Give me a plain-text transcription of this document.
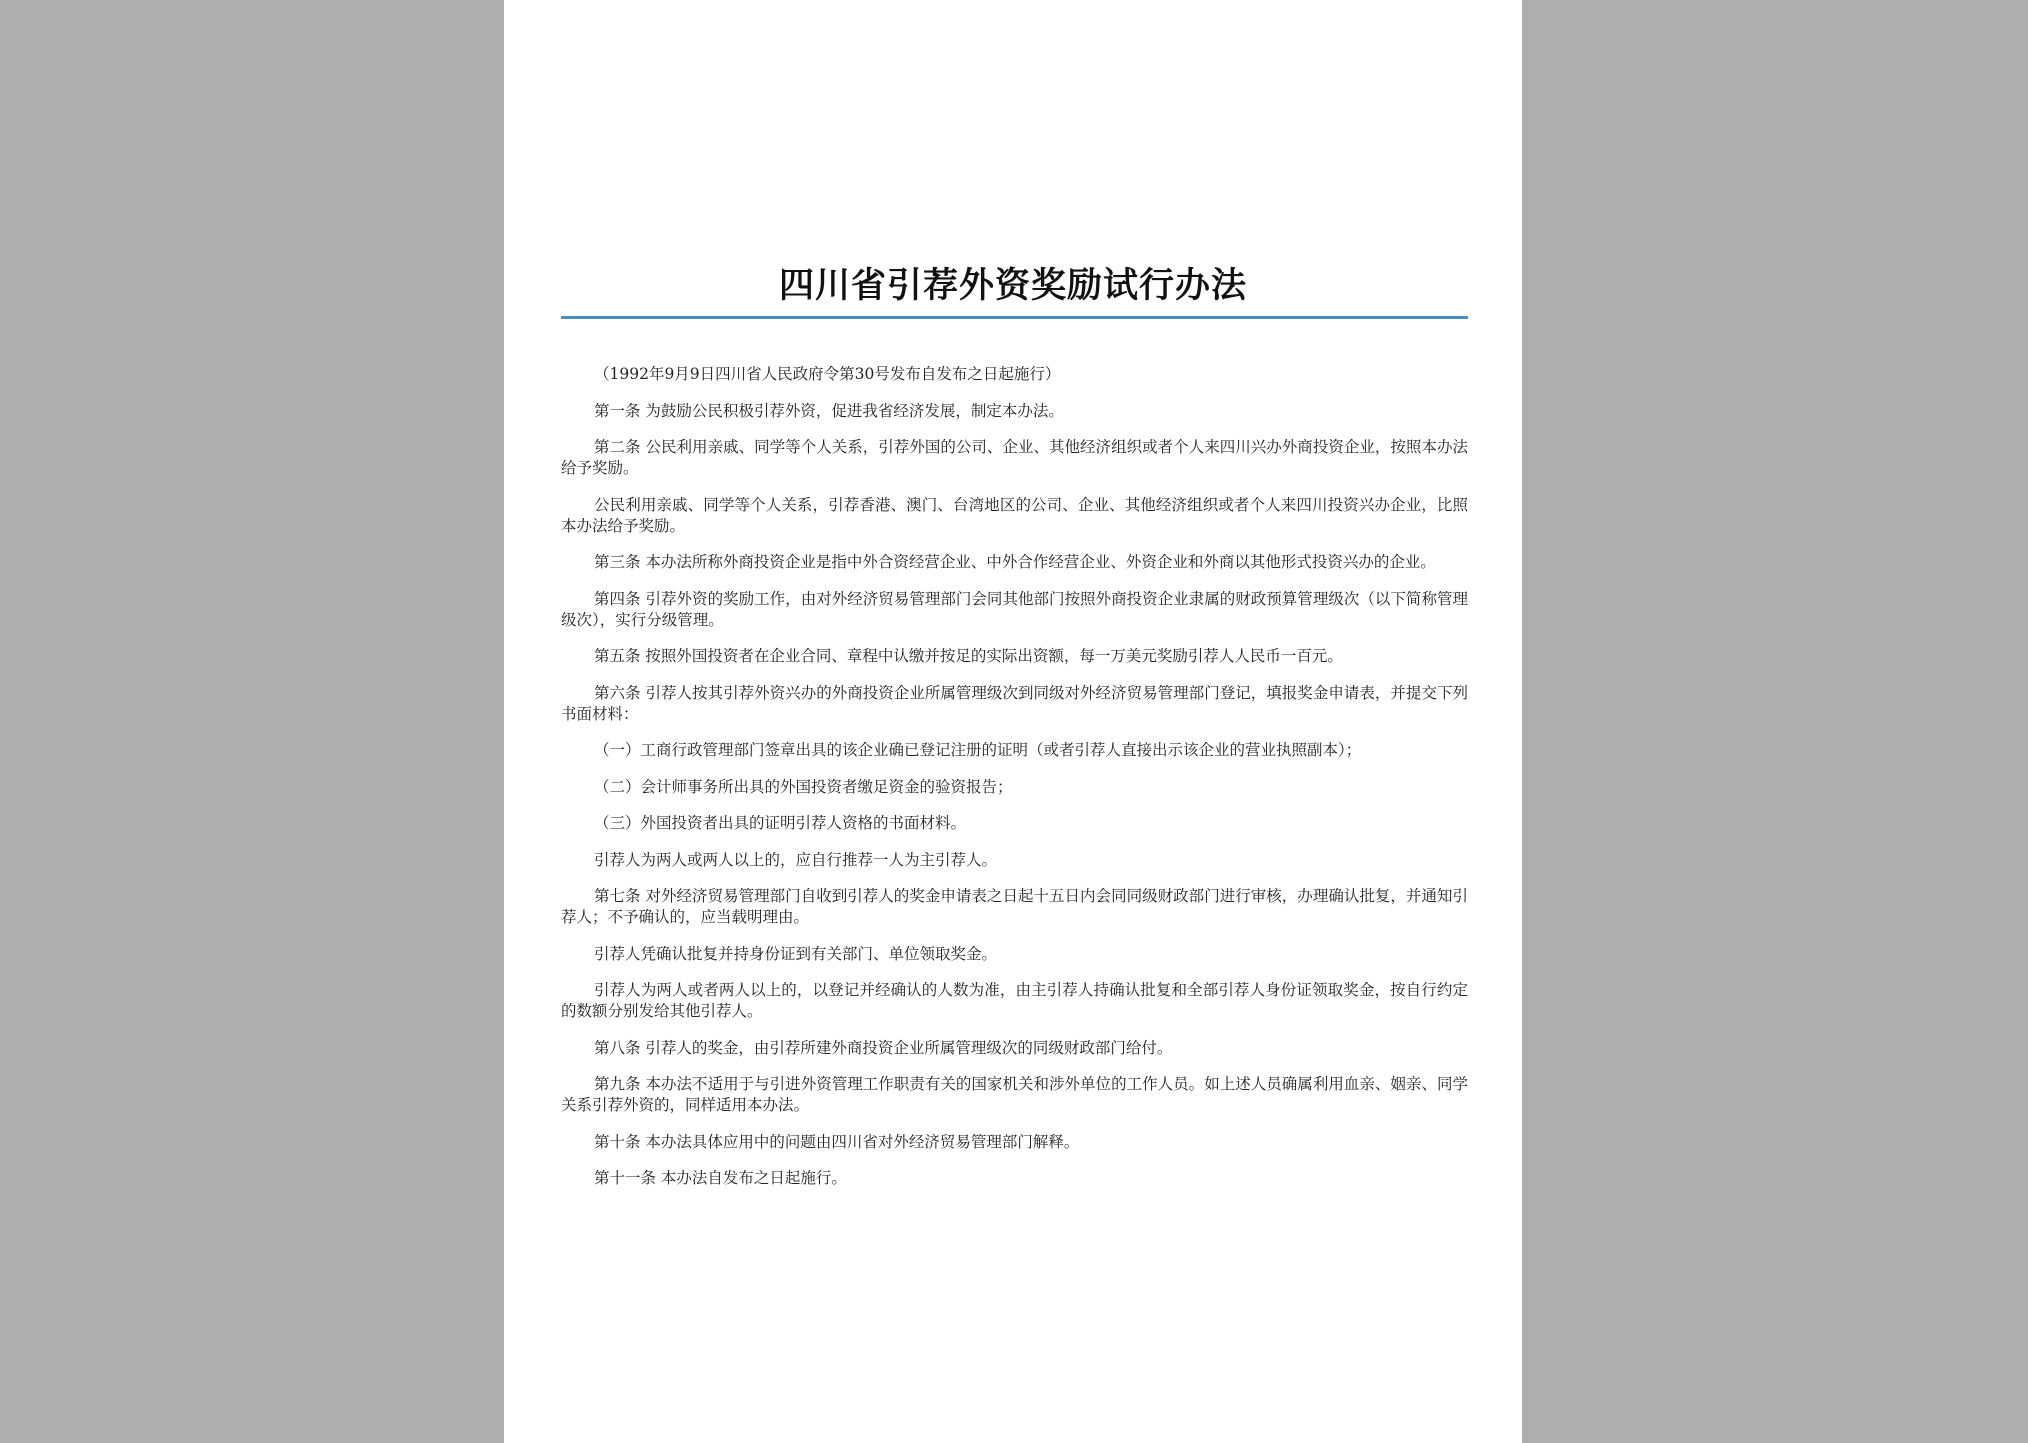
四川省引荐外资奖励试行办法

（1992年9月9日四川省人民政府令第30号发布自发布之日起施行）

第一条 为鼓励公民积极引荐外资，促进我省经济发展，制定本办法。

第二条 公民利用亲戚、同学等个人关系，引荐外国的公司、企业、其他经济组织或者个人来四川兴办外商投资企业，按照本办法给予奖励。

公民利用亲戚、同学等个人关系，引荐香港、澳门、台湾地区的公司、企业、其他经济组织或者个人来四川投资兴办企业，比照本办法给予奖励。

第三条 本办法所称外商投资企业是指中外合资经营企业、中外合作经营企业、外资企业和外商以其他形式投资兴办的企业。

第四条 引荐外资的奖励工作，由对外经济贸易管理部门会同其他部门按照外商投资企业隶属的财政预算管理级次（以下简称管理级次），实行分级管理。

第五条 按照外国投资者在企业合同、章程中认缴并按足的实际出资额，每一万美元奖励引荐人人民币一百元。

第六条 引荐人按其引荐外资兴办的外商投资企业所属管理级次到同级对外经济贸易管理部门登记，填报奖金申请表，并提交下列书面材料：

（一）工商行政管理部门签章出具的该企业确已登记注册的证明（或者引荐人直接出示该企业的营业执照副本）；

（二）会计师事务所出具的外国投资者缴足资金的验资报告；

（三）外国投资者出具的证明引荐人资格的书面材料。

引荐人为两人或两人以上的，应自行推荐一人为主引荐人。

第七条 对外经济贸易管理部门自收到引荐人的奖金申请表之日起十五日内会同同级财政部门进行审核，办理确认批复，并通知引荐人；不予确认的，应当载明理由。

引荐人凭确认批复并持身份证到有关部门、单位领取奖金。

引荐人为两人或者两人以上的，以登记并经确认的人数为准，由主引荐人持确认批复和全部引荐人身份证领取奖金，按自行约定的数额分别发给其他引荐人。

第八条 引荐人的奖金，由引荐所建外商投资企业所属管理级次的同级财政部门给付。

第九条 本办法不适用于与引进外资管理工作职责有关的国家机关和涉外单位的工作人员。如上述人员确属利用血亲、姻亲、同学关系引荐外资的，同样适用本办法。

第十条 本办法具体应用中的问题由四川省对外经济贸易管理部门解释。

第十一条 本办法自发布之日起施行。
